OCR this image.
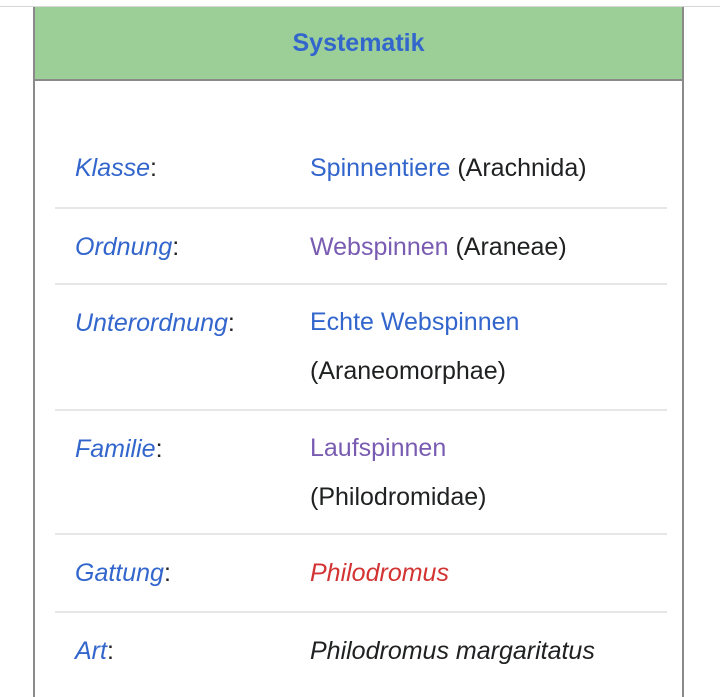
Systematik
Klasse:	Spinnentiere (Arachnida)
Ordnung:	Webspinnen (Araneae)
Unterordnung:	Echte Webspinnen
(Araneomorphae)
Familie:	Laufspinnen
(Philodromidae)
Gattung:	Philodromus
Art:	Philodromus margaritatus
